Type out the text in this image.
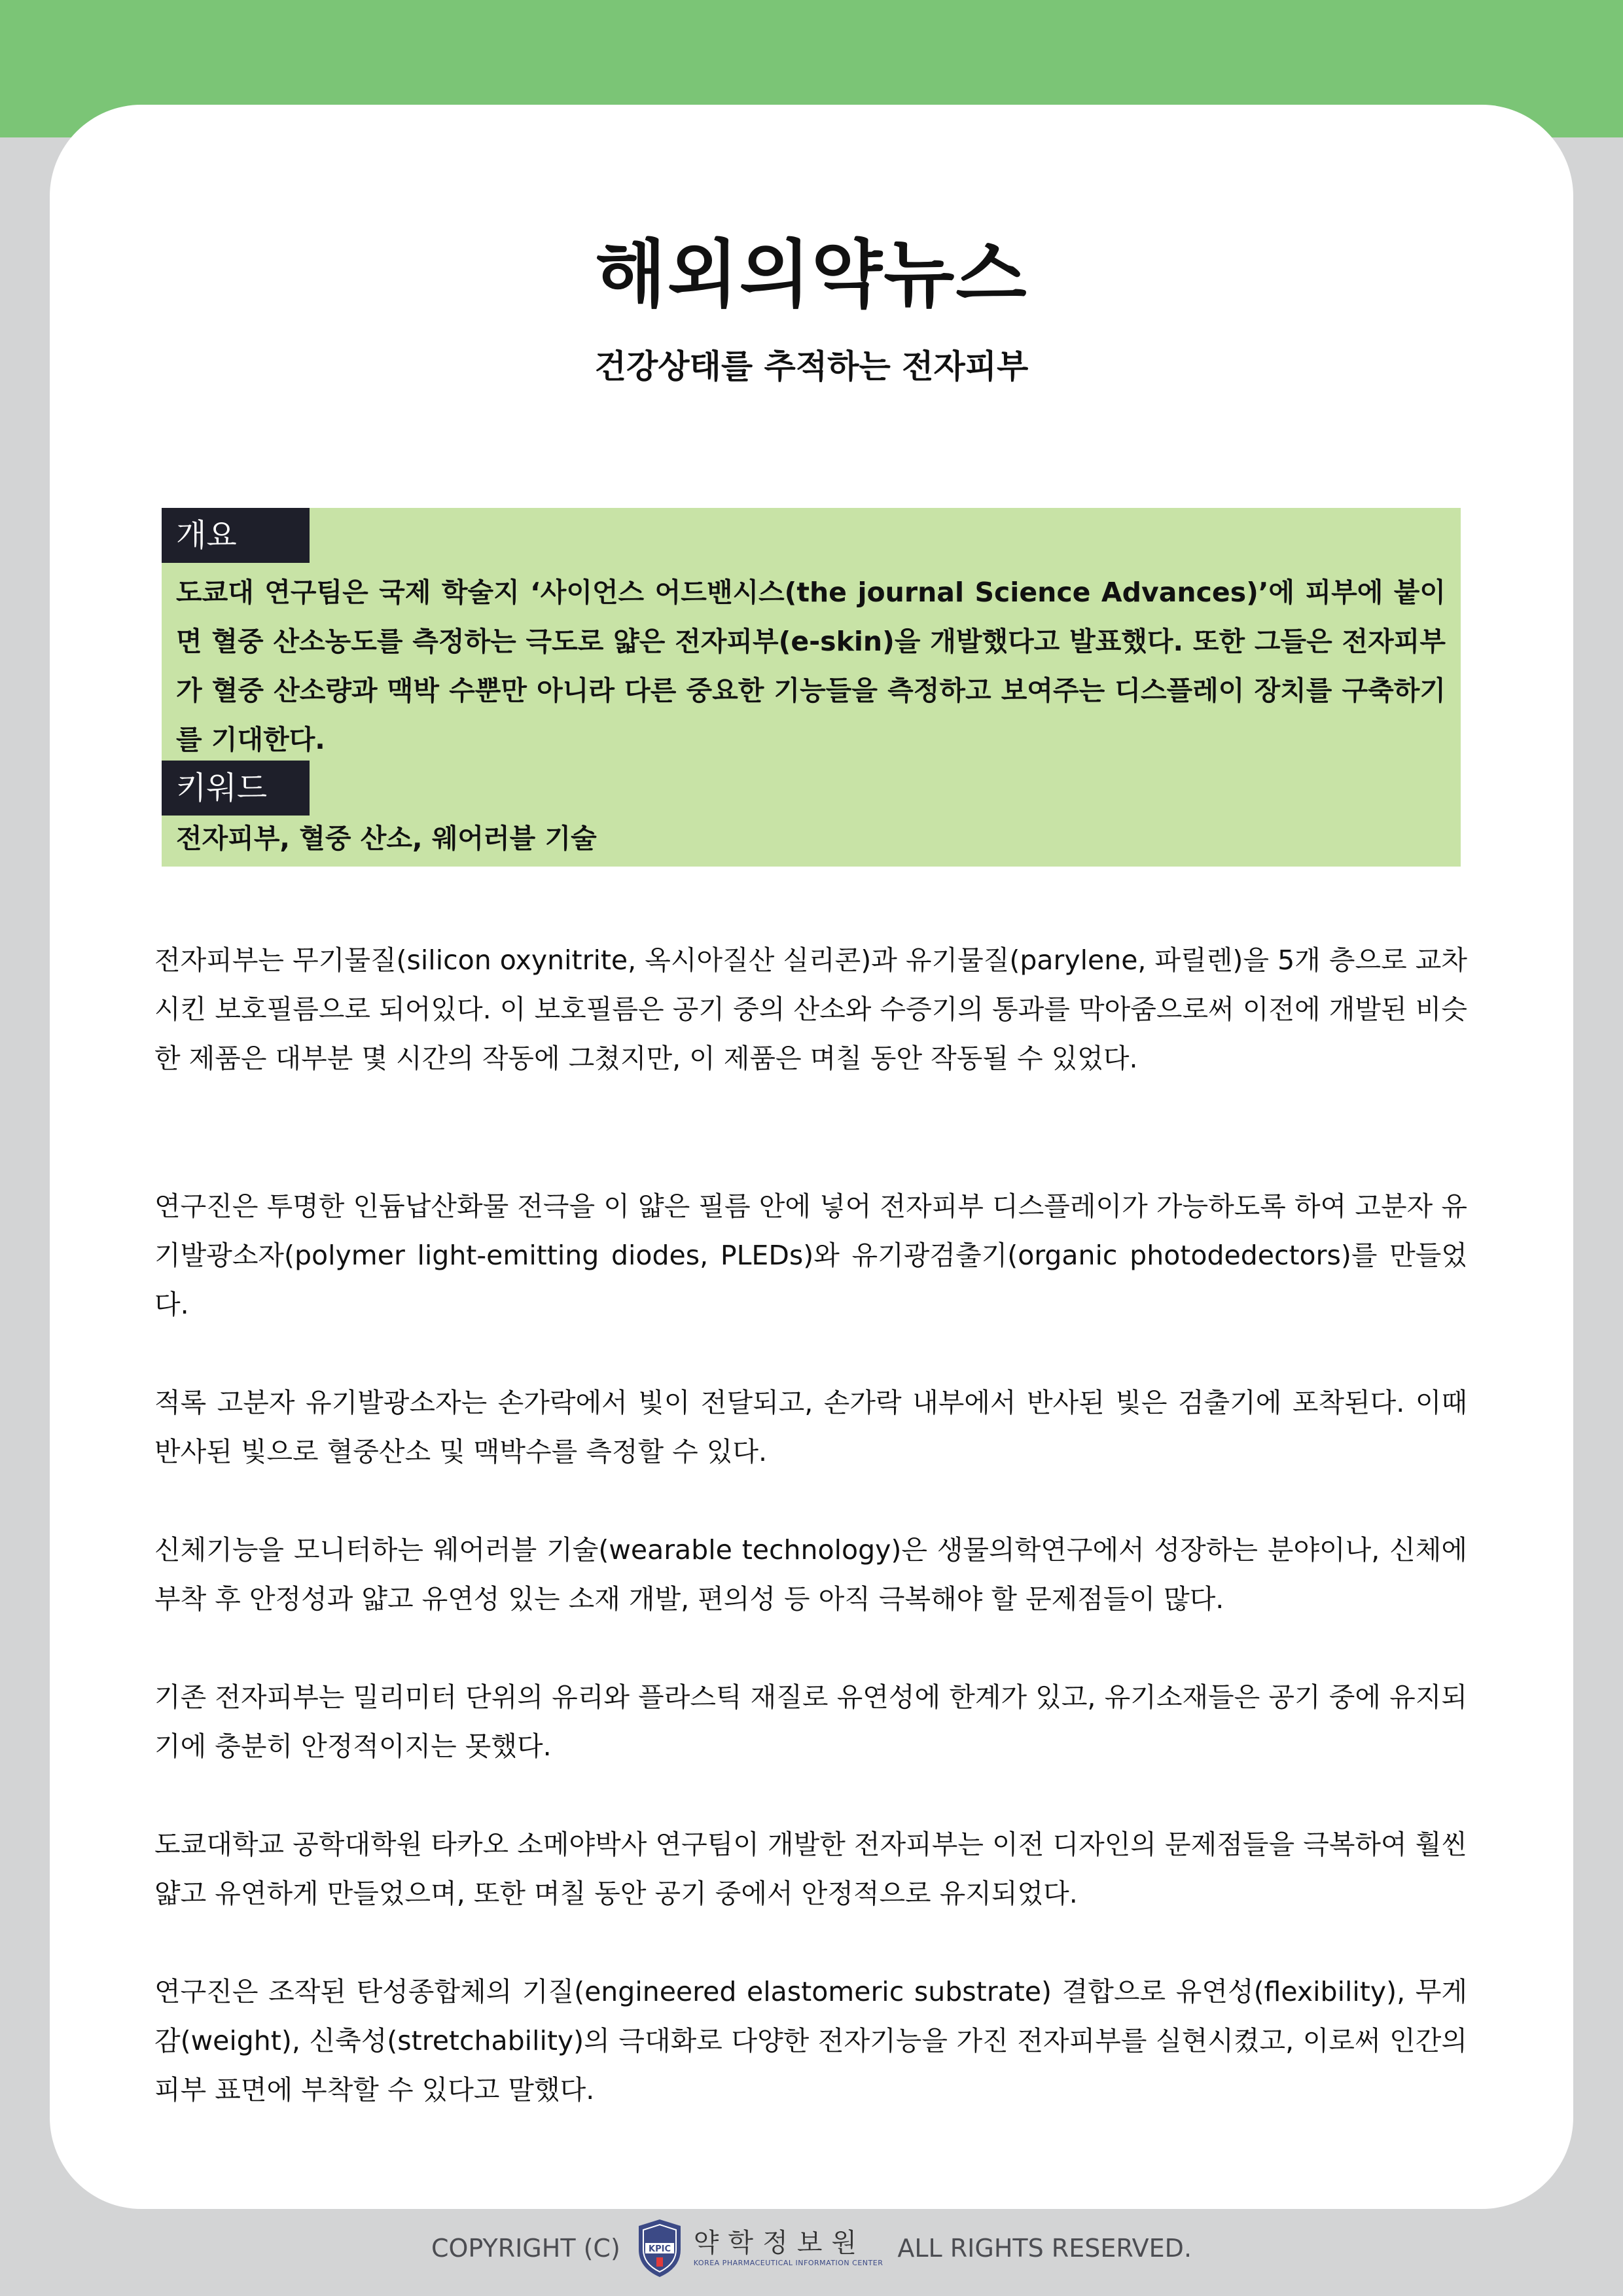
해외의약뉴스
건강상태를 추적하는 전자피부
개요

도쿄대 연구팀은 국제 학술지 ‘사이언스 어드밴시스(the journal Science Advances)’에 피부에 붙이면 혈중 산소농도를 측정하는 극도로 얇은 전자피부(e-skin)을 개발했다고 발표했다. 또한 그들은 전자피부가 혈중 산소량과 맥박 수뿐만 아니라 다른 중요한 기능들을 측정하고 보여주는 디스플레이 장치를 구축하기를 기대한다.

키워드

전자피부, 혈중 산소, 웨어러블 기술

전자피부는 무기물질(silicon oxynitrite, 옥시아질산 실리콘)과 유기물질(parylene, 파릴렌)을 5개 층으로 교차시킨 보호필름으로 되어있다. 이 보호필름은 공기 중의 산소와 수증기의 통과를 막아줌으로써 이전에 개발된 비슷한 제품은 대부분 몇 시간의 작동에 그쳤지만, 이 제품은 며칠 동안 작동될 수 있었다.

연구진은 투명한 인듐납산화물 전극을 이 얇은 필름 안에 넣어 전자피부 디스플레이가 가능하도록 하여 고분자 유기발광소자(polymer light-emitting diodes, PLEDs)와 유기광검출기(organic photodedectors)를 만들었다.

적록 고분자 유기발광소자는 손가락에서 빛이 전달되고, 손가락 내부에서 반사된 빛은 검출기에 포착된다. 이때 반사된 빛으로 혈중산소 및 맥박수를 측정할 수 있다.

신체기능을 모니터하는 웨어러블 기술(wearable technology)은 생물의학연구에서 성장하는 분야이나, 신체에 부착 후 안정성과 얇고 유연성 있는 소재 개발, 편의성 등 아직 극복해야 할 문제점들이 많다.

기존 전자피부는 밀리미터 단위의 유리와 플라스틱 재질로 유연성에 한계가 있고, 유기소재들은 공기 중에 유지되기에 충분히 안정적이지는 못했다.

도쿄대학교 공학대학원 타카오 소메야박사 연구팀이 개발한 전자피부는 이전 디자인의 문제점들을 극복하여 훨씬 얇고 유연하게 만들었으며, 또한 며칠 동안 공기 중에서 안정적으로 유지되었다.

연구진은 조작된 탄성종합체의 기질(engineered elastomeric substrate) 결합으로 유연성(flexibility), 무게감(weight), 신축성(stretchability)의 극대화로 다양한 전자기능을 가진 전자피부를 실현시켰고, 이로써 인간의 피부 표면에 부착할 수 있다고 말했다.

COPYRIGHT (C)	KPIC 약학정보원
KOREA PHARMACEUTICAL INFORMATION CENTER
ALL RIGHTS RESERVED.
